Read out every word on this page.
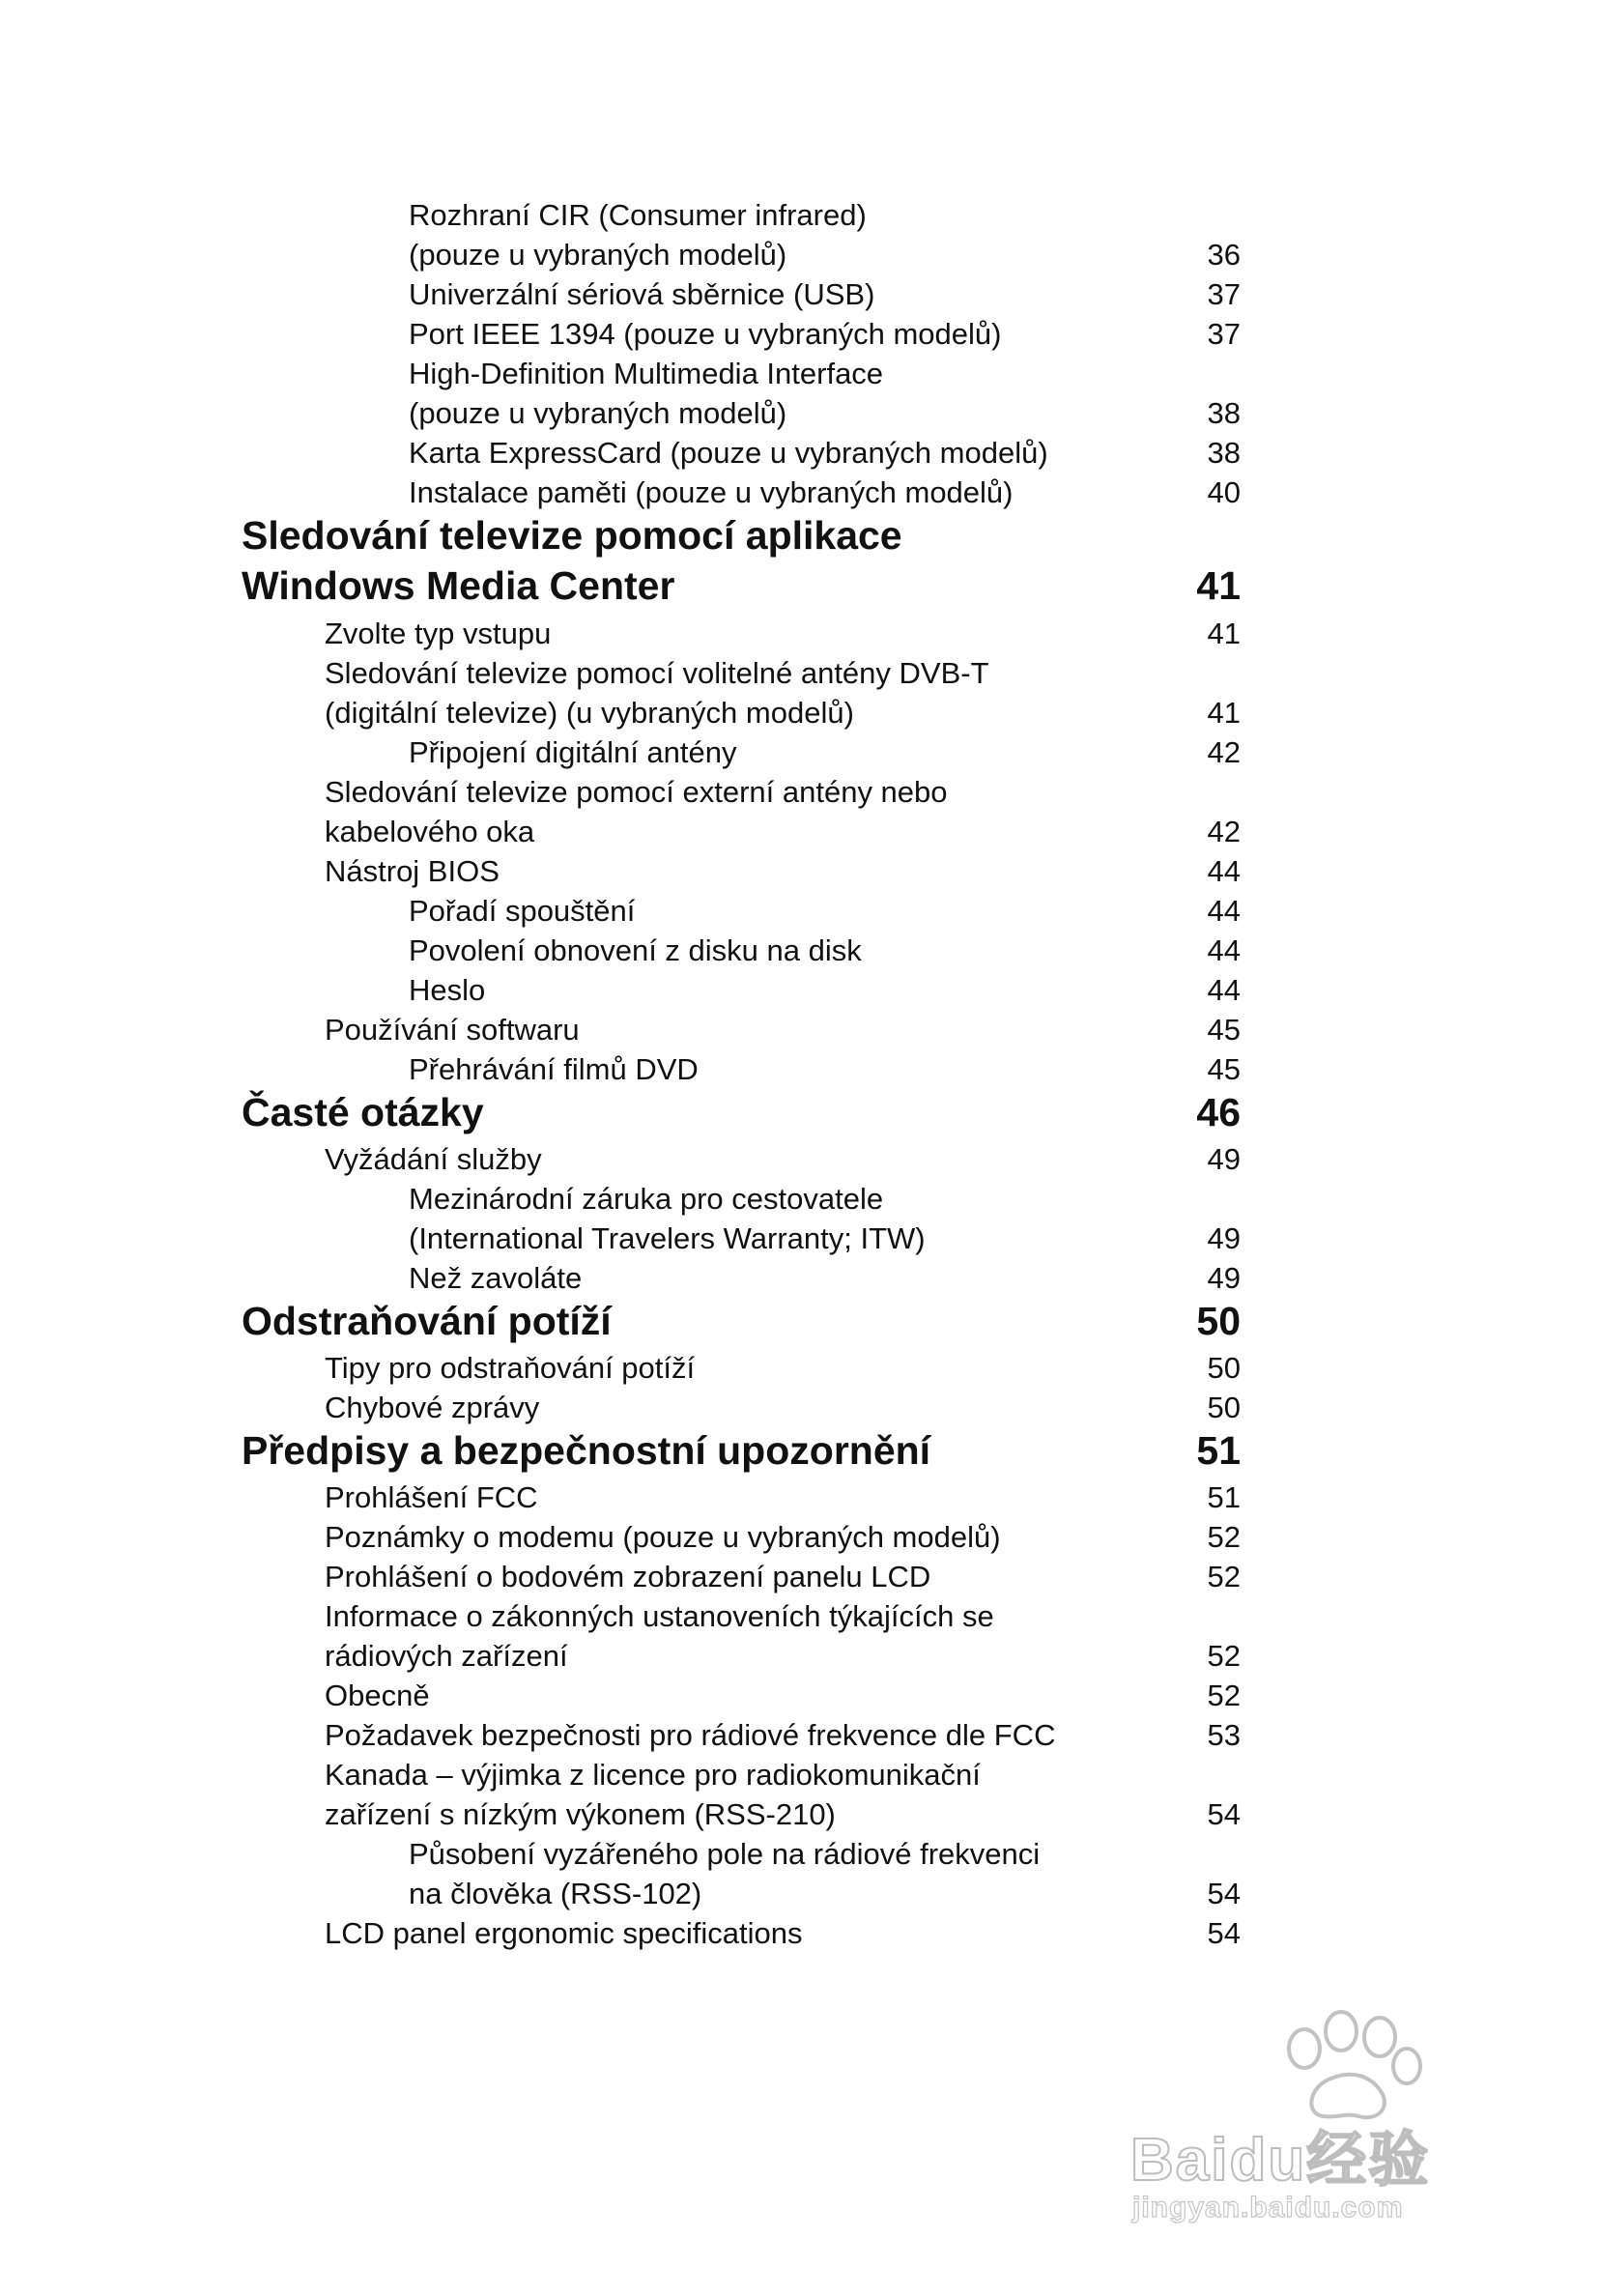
Rozhraní CIR (Consumer infrared)
(pouze u vybraných modelů)	36
Univerzální sériová sběrnice (USB)	37
Port IEEE 1394 (pouze u vybraných modelů)	37
High-Definition Multimedia Interface
(pouze u vybraných modelů)	38
Karta ExpressCard (pouze u vybraných modelů)	38
Instalace paměti (pouze u vybraných modelů)	40
Sledování televize pomocí aplikace
Windows Media Center	41
Zvolte typ vstupu	41
Sledování televize pomocí volitelné antény DVB-T
(digitální televize) (u vybraných modelů)	41
Připojení digitální antény	42
Sledování televize pomocí externí antény nebo
kabelového oka	42
Nástroj BIOS	44
Pořadí spouštění	44
Povolení obnovení z disku na disk	44
Heslo	44
Používání softwaru	45
Přehrávání filmů DVD	45
Časté otázky	46
Vyžádání služby	49
Mezinárodní záruka pro cestovatele
(International Travelers Warranty; ITW)	49
Než zavoláte	49
Odstraňování potíží	50
Tipy pro odstraňování potíží	50
Chybové zprávy	50
Předpisy a bezpečnostní upozornění	51
Prohlášení FCC	51
Poznámky o modemu (pouze u vybraných modelů)	52
Prohlášení o bodovém zobrazení panelu LCD	52
Informace o zákonných ustanoveních týkajících se
rádiových zařízení	52
Obecně	52
Požadavek bezpečnosti pro rádiové frekvence dle FCC	53
Kanada – výjimka z licence pro radiokomunikační
zařízení s nízkým výkonem (RSS-210)	54
Působení vyzářeného pole na rádiové frekvenci
na člověka (RSS-102)	54
LCD panel ergonomic specifications	54
Baidu经验
jingyan.baidu.com
